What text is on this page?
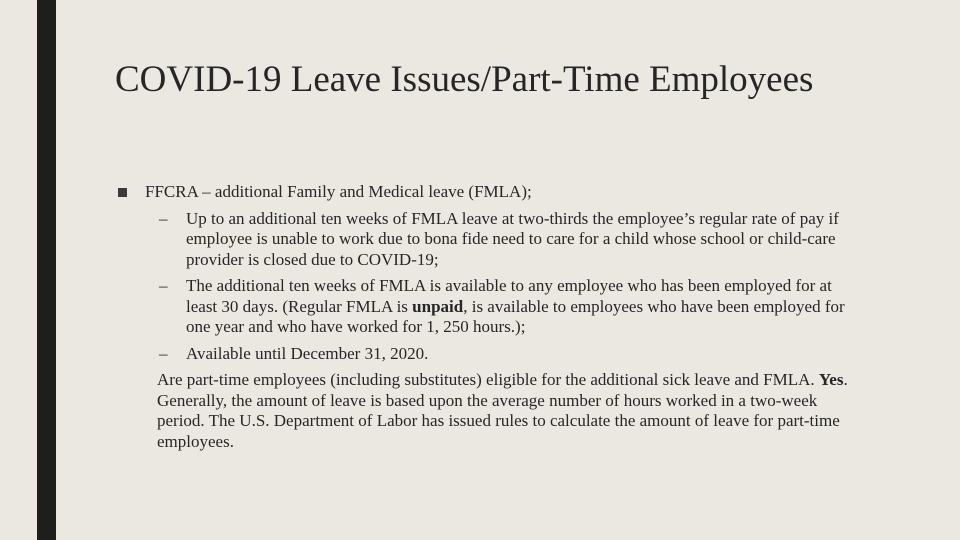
COVID-19 Leave Issues/Part-Time Employees
FFCRA – additional Family and Medical leave (FMLA);
– Up to an additional ten weeks of FMLA leave at two-thirds the employee’s regular rate of pay if employee is unable to work due to bona fide need to care for a child whose school or child-care provider is closed due to COVID-19;
– The additional ten weeks of FMLA is available to any employee who has been employed for at least 30 days. (Regular FMLA is unpaid, is available to employees who have been employed for one year and who have worked for 1, 250 hours.);
– Available until December 31, 2020.

Are part-time employees (including substitutes) eligible for the additional sick leave and FMLA. Yes. Generally, the amount of leave is based upon the average number of hours worked in a two-week period. The U.S. Department of Labor has issued rules to calculate the amount of leave for part-time employees.
